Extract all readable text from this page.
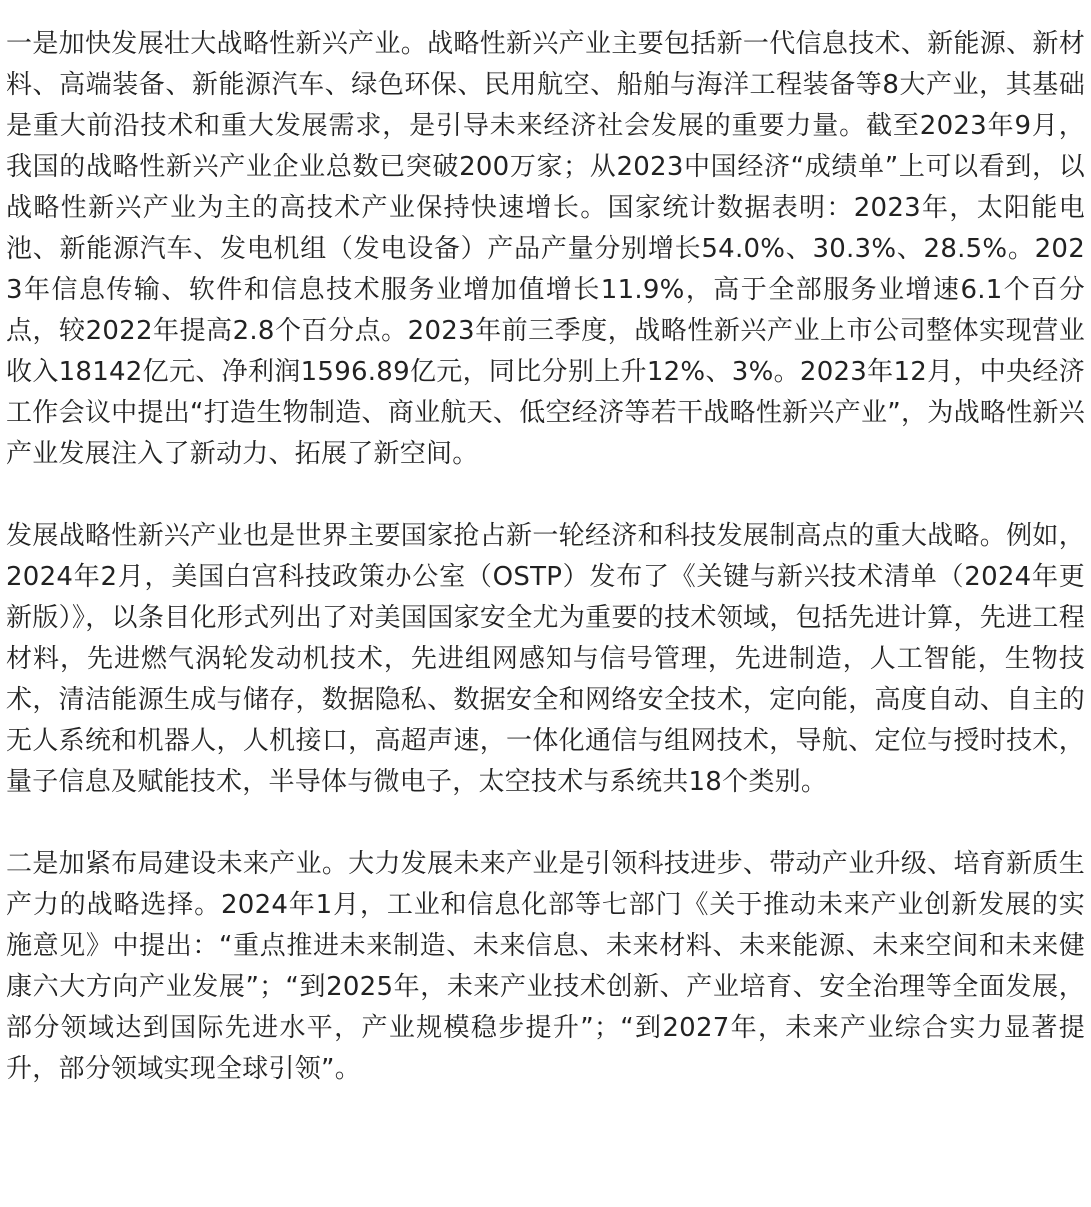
一是加快发展壮大战略性新兴产业。战略性新兴产业主要包括新一代信息技术、新能源、新材料、高端装备、新能源汽车、绿色环保、民用航空、船舶与海洋工程装备等8大产业，其基础是重大前沿技术和重大发展需求，是引导未来经济社会发展的重要力量。截至2023年9月，我国的战略性新兴产业企业总数已突破200万家；从2023中国经济“成绩单”上可以看到，以战略性新兴产业为主的高技术产业保持快速增长。国家统计数据表明：2023年，太阳能电池、新能源汽车、发电机组（发电设备）产品产量分别增长54.0%、30.3%、28.5%。2023年信息传输、软件和信息技术服务业增加值增长11.9%，高于全部服务业增速6.1个百分点，较2022年提高2.8个百分点。2023年前三季度，战略性新兴产业上市公司整体实现营业收入18142亿元、净利润1596.89亿元，同比分别上升12%、3%。2023年12月，中央经济工作会议中提出“打造生物制造、商业航天、低空经济等若干战略性新兴产业”，为战略性新兴产业发展注入了新动力、拓展了新空间。

发展战略性新兴产业也是世界主要国家抢占新一轮经济和科技发展制高点的重大战略。例如，2024年2月，美国白宫科技政策办公室（OSTP）发布了《关键与新兴技术清单（2024年更新版）》，以条目化形式列出了对美国国家安全尤为重要的技术领域，包括先进计算，先进工程材料，先进燃气涡轮发动机技术，先进组网感知与信号管理，先进制造，人工智能，生物技术，清洁能源生成与储存，数据隐私、数据安全和网络安全技术，定向能，高度自动、自主的无人系统和机器人，人机接口，高超声速，一体化通信与组网技术，导航、定位与授时技术，量子信息及赋能技术，半导体与微电子，太空技术与系统共18个类别。

二是加紧布局建设未来产业。大力发展未来产业是引领科技进步、带动产业升级、培育新质生产力的战略选择。2024年1月，工业和信息化部等七部门《关于推动未来产业创新发展的实施意见》中提出：“重点推进未来制造、未来信息、未来材料、未来能源、未来空间和未来健康六大方向产业发展”；“到2025年，未来产业技术创新、产业培育、安全治理等全面发展，部分领域达到国际先进水平，产业规模稳步提升”；“到2027年，未来产业综合实力显著提升，部分领域实现全球引领”。
